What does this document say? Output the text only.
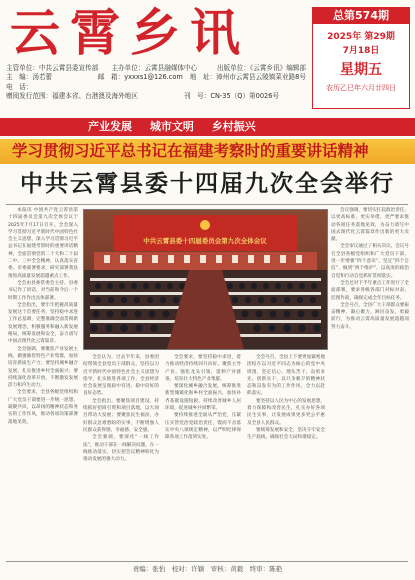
云霄乡讯	总第574期
2025年 第29期
7月18日
星期五
农历乙巳年六月廿四日
主管单位：中共云霄县委宣传部	主办单位：云霄县融媒体中心	出版单位：《云霄乡讯》编辑部
主　编：汤若蕾	邮　箱：yxxxs1@126.com	地　址：漳州市云霄县云陵镇菜业路8号
电　话：
赠阅发行范围：福建本省、台港澳及海外地区	刊　号：CN-35（Q）第0026号
产业发展 城市文明 乡村振兴
学习贯彻习近平总书记在福建考察时的重要讲话精神
中共云霄县委十四届九次全会举行

本报讯 中国共产党云霄县第十四届委员会第九次全体会议于2025年7月17日召开。全会深入学习贯彻习近平新时代中国特色社会主义思想，深入学习贯彻习近平总书记在福建考察时的重要讲话精神，全面贯彻党的二十大和二十届二中、三中全会精神，认真落实省委、市委部署要求，研究部署我县推进高质量发展超越重点工作。

全会由县委常委会主持。县委书记作了讲话，对当前和今后一个时期工作作出具体部署。

全会指出，要牢牢把握高质量发展这个首要任务，坚持稳中求进工作总基调，完整准确全面贯彻新发展理念，积极服务和融入新发展格局，统筹发展和安全，奋力谱写中国式现代化云霄篇章。

全会强调，要聚焦产业发展主线，做强做优特色产业集群，加快培育新质生产力；要坚持城乡融合发展，扎实推进乡村全面振兴；要持续深化改革开放，不断激发发展活力和内生动力。

全会要求，全县各级党组织和广大党员干部要进一步统一思想、凝聚共识，以昂扬的精神状态和务实的工作作风，推动各项决策部署落地见效。

中共云霄县委十四届委员会第九次全体会议

全会认为，过去半年来，县委团结带领全县党员干部群众，坚持以习近平新时代中国特色社会主义思想为指导，扎实推进各项工作，全县经济社会发展呈现稳中有进、稳中向好的良好态势。

全会指出，要聚焦项目建设，持续抓好招商引资和项目落地，以大项目带动大发展；要聚焦民生福祉，办好群众急难愁盼的实事，不断增强人民群众获得感、幸福感、安全感。

全会强调，要深化“一线工作法”，推动干部在一线解决问题、在一线推动落实，切实把会议精神转化为推动发展的强大动力。

全会要求，要坚持稳中求进，着力推动经济持续回升向好。聚焦主导产业，强化龙头引领，延伸产业链条，培育壮大特色产业集群。

要深化城乡融合发展，统筹推进新型城镇化和乡村全面振兴，加快补齐基础设施短板，持续改善城乡人居环境，促进城乡共同繁荣。

要持续推进全面从严治党，压紧压实管党治党政治责任，锲而不舍落实中央八项规定精神，以严明纪律保障各项工作落到实处。

全会号召，全县上下要更加紧密地团结在以习近平同志为核心的党中央周围，坚定信心、埋头苦干，奋勇争先、创新实干，以只争朝夕的精神状态和奋发有为的工作作风，全力以赴抓落实。

要坚持以人民为中心的发展思想，着力保障和改善民生，扎实办好各项民生实事，让发展成果更多更公平惠及全县人民群众。

要统筹发展和安全，坚决守牢安全生产底线，确保社会大局和谐稳定。

会议强调，要切实扛起政治责任，以更高标准、更实举措、更严要求推动各项任务落地见效，为奋力谱写中国式现代化云霄篇章作出新的更大贡献。

全会审议通过了相关决议。会议号召全县各级党组织和广大党员干部，进一步增强“四个意识”、坚定“四个自信”、做到“两个维护”，以高度的政治自觉和行动自觉抓好贯彻落实。

全会还对下半年重点工作进行了全面部署，要求各级各部门对标对表、挂图作战，确保完成全年目标任务。

全会号召，全县广大干部群众要振奋精神、凝心聚力，踔厉奋发、勇毅前行，为推动云霄高质量发展超越而努力奋斗。

责编：张怡　校对：许颖　审核：黄毅　终审：陈艳
